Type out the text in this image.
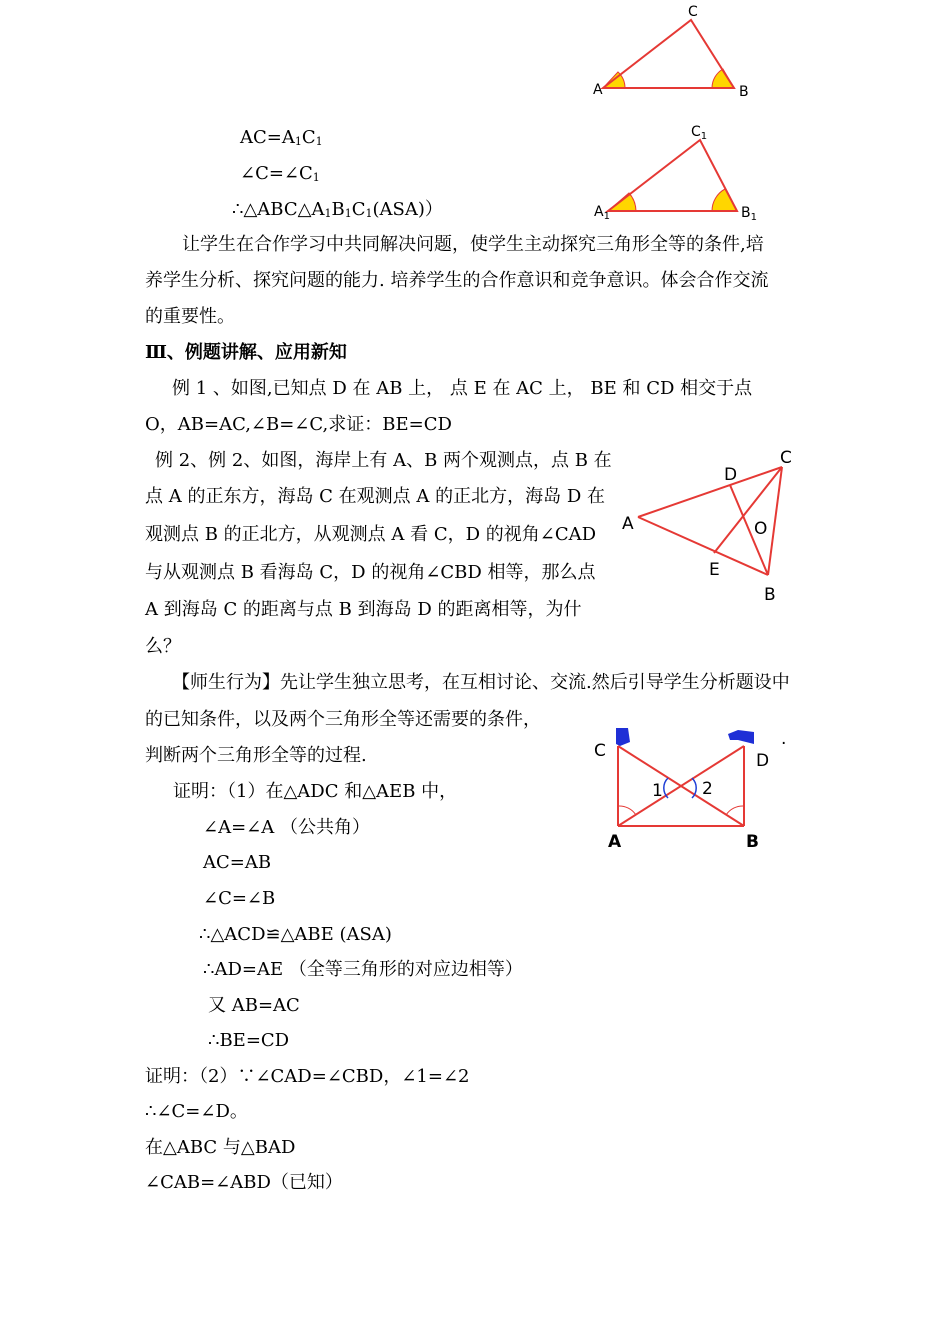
C
A	B
$C_1$
$A_1$	$B_1$
$AC=A_1C_1$
$\angle C=\angle C_1$
$\therefore\triangle ABC\triangle A_1B_1C_1(ASA)$）
让学生在合作学习中共同解决问题，使学生主动探究三角形全等的条件,培
养学生分析、探究问题的能力. 培养学生的合作意识和竞争意识。体会合作交流
的重要性。
Ⅲ、例题讲解、应用新知
例 1 、如图,已知点 D 在 AB 上， 点 E 在 AC 上， BE 和 CD 相交于点
O，AB=AC,∠B=∠C,求证：BE=CD
C
D
A	O
E
B
例 2、例 2、如图，海岸上有 A、B 两个观测点，点 B 在
点 A 的正东方，海岛 C 在观测点 A 的正北方，海岛 D 在
观测点 B 的正北方，从观测点 A 看 C，D 的视角∠CAD
与从观测点 B 看海岛 C，D 的视角∠CBD 相等，那么点
A 到海岛 C 的距离与点 B 到海岛 D 的距离相等，为什
么？
【师生行为】先让学生独立思考，在互相讨论、交流.然后引导学生分析题设中
的已知条件，以及两个三角形全等还需要的条件，
判断两个三角形全等的过程.	C	D
·
1 2
A	B
证明：（1）在△ADC 和△AEB 中，
∠A=∠A （公共角）
AC=AB
∠C=∠B
∴△ACD≌△ABE (ASA)
∴AD=AE （全等三角形的对应边相等）
又 AB=AC
∴BE=CD
证明：（2）∵∠CAD=∠CBD，∠1=∠2
∴∠C=∠D。
在△ABC 与△BAD
∠CAB=∠ABD（已知）
